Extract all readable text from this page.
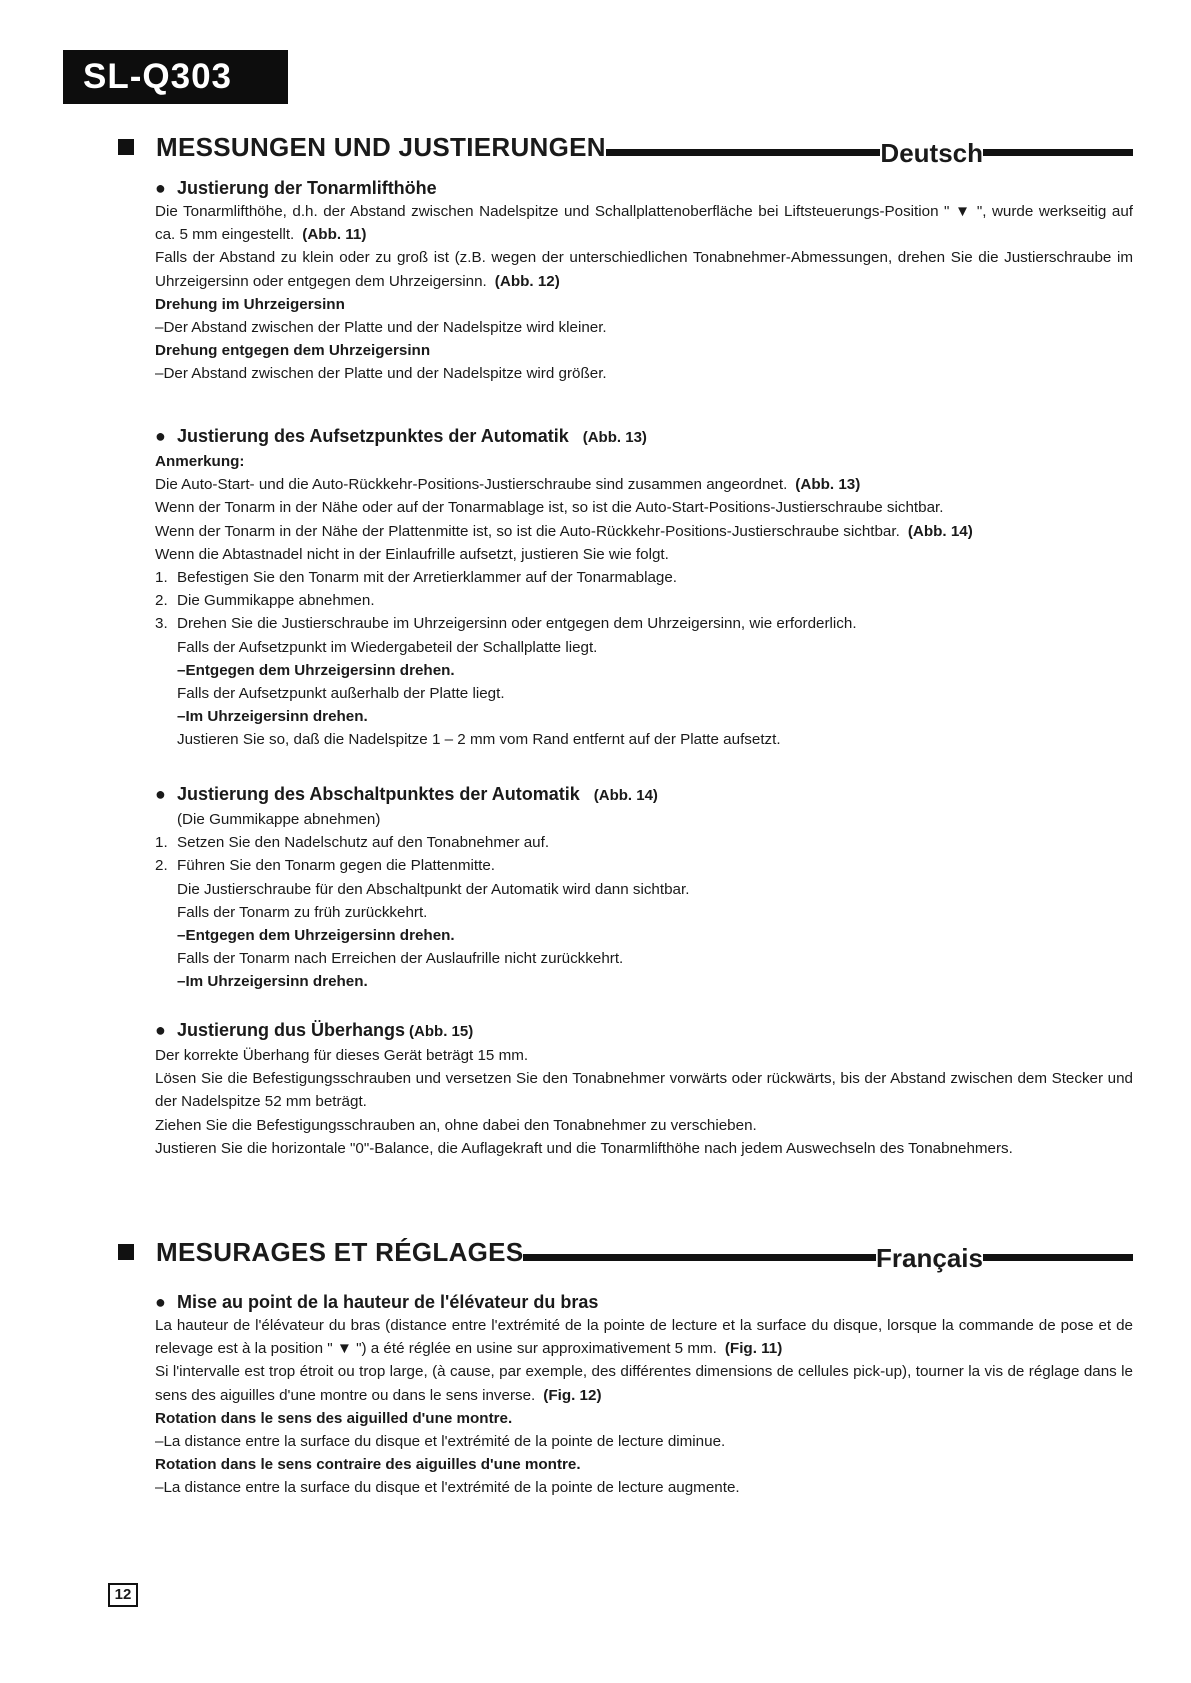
SL-Q303
MESSUNGEN UND JUSTIERUNGEN	Deutsch
● Justierung der Tonarmlifthöhe

Die Tonarmlifthöhe, d.h. der Abstand zwischen Nadelspitze und Schallplattenoberfläche bei Liftsteuerungs-Position " ▼ ", wurde werkseitig auf ca. 5 mm eingestellt. (Abb. 11)

Falls der Abstand zu klein oder zu groß ist (z.B. wegen der unterschiedlichen Tonabnehmer-Abmessungen, drehen Sie die Justierschraube im Uhrzeigersinn oder entgegen dem Uhrzeigersinn. (Abb. 12)

Drehung im Uhrzeigersinn

–Der Abstand zwischen der Platte und der Nadelspitze wird kleiner.

Drehung entgegen dem Uhrzeigersinn

–Der Abstand zwischen der Platte und der Nadelspitze wird größer.

● Justierung des Aufsetzpunktes der Automatik (Abb. 13)

Anmerkung:

Die Auto-Start- und die Auto-Rückkehr-Positions-Justierschraube sind zusammen angeordnet. (Abb. 13)

Wenn der Tonarm in der Nähe oder auf der Tonarmablage ist, so ist die Auto-Start-Positions-Justierschraube sichtbar.

Wenn der Tonarm in der Nähe der Plattenmitte ist, so ist die Auto-Rückkehr-Positions-Justierschraube sichtbar. (Abb. 14)

Wenn die Abtastnadel nicht in der Einlaufrille aufsetzt, justieren Sie wie folgt.

1. Befestigen Sie den Tonarm mit der Arretierklammer auf der Tonarmablage.
2. Die Gummikappe abnehmen.
3. Drehen Sie die Justierschraube im Uhrzeigersinn oder entgegen dem Uhrzeigersinn, wie erforderlich.

Falls der Aufsetzpunkt im Wiedergabeteil der Schallplatte liegt.

–Entgegen dem Uhrzeigersinn drehen.

Falls der Aufsetzpunkt außerhalb der Platte liegt.

–Im Uhrzeigersinn drehen.

Justieren Sie so, daß die Nadelspitze 1 – 2 mm vom Rand entfernt auf der Platte aufsetzt.

● Justierung des Abschaltpunktes der Automatik (Abb. 14)

(Die Gummikappe abnehmen)

1. Setzen Sie den Nadelschutz auf den Tonabnehmer auf.
2. Führen Sie den Tonarm gegen die Plattenmitte.

Die Justierschraube für den Abschaltpunkt der Automatik wird dann sichtbar.

Falls der Tonarm zu früh zurückkehrt.

–Entgegen dem Uhrzeigersinn drehen.

Falls der Tonarm nach Erreichen der Auslaufrille nicht zurückkehrt.

–Im Uhrzeigersinn drehen.

● Justierung dus Überhangs (Abb. 15)

Der korrekte Überhang für dieses Gerät beträgt 15 mm.

Lösen Sie die Befestigungsschrauben und versetzen Sie den Tonabnehmer vorwärts oder rückwärts, bis der Abstand zwischen dem Stecker und der Nadelspitze 52 mm beträgt.

Ziehen Sie die Befestigungsschrauben an, ohne dabei den Tonabnehmer zu verschieben.

Justieren Sie die horizontale "0"-Balance, die Auflagekraft und die Tonarmlifthöhe nach jedem Auswechseln des Tonabnehmers.

MESURAGES ET RÉGLAGES	Français
● Mise au point de la hauteur de l'élévateur du bras

La hauteur de l'élévateur du bras (distance entre l'extrémité de la pointe de lecture et la surface du disque, lorsque la commande de pose et de relevage est à la position " ▼ ") a été réglée en usine sur approximativement 5 mm. (Fig. 11)

Si l'intervalle est trop étroit ou trop large, (à cause, par exemple, des différentes dimensions de cellules pick-up), tourner la vis de réglage dans le sens des aiguilles d'une montre ou dans le sens inverse. (Fig. 12)

Rotation dans le sens des aiguilled d'une montre.

–La distance entre la surface du disque et l'extrémité de la pointe de lecture diminue.

Rotation dans le sens contraire des aiguilles d'une montre.

–La distance entre la surface du disque et l'extrémité de la pointe de lecture augmente.

12
